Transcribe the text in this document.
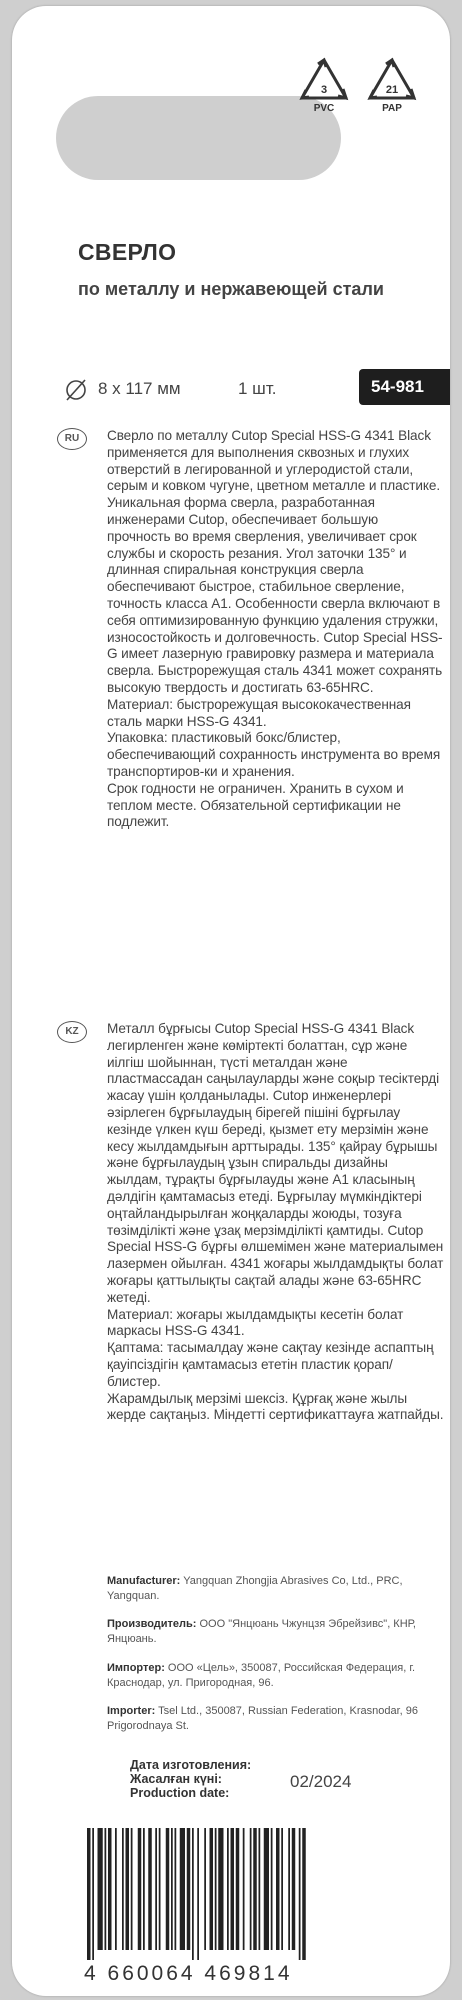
3
PVC
21
PAP
СВЕРЛО
по металлу и нержавеющей стали
8 x 117 мм	1 шт.	54-981
RU	Сверло по металлу Cutop Special HSS-G 4341 Black применяется для выполнения сквозных и глухих отверстий в легированной и углеродистой стали, серым и ковком чугуне, цветном металле и пластике. Уникальная форма сверла, разработанная инженерами Cutop, обеспечивает большую прочность во время сверления, увеличивает срок службы и скорость резания. Угол заточки 135° и длинная спиральная конструкция сверла обеспечивают быстрое, стабильное сверление, точность класса А1. Особенности сверла включают в себя оптимизированную функцию удаления стружки, износостойкость и долговечность. Cutop Special HSS-G имеет лазерную гравировку размера и материала сверла. Быстрорежущая сталь 4341 может сохранять высокую твердость и достигать 63-65HRC.

Материал: быстрорежущая высококачественная сталь марки HSS-G 4341.

Упаковка: пластиковый бокс/блистер, обеспечивающий сохранность инструмента во время транспортиров-ки и хранения.

Срок годности не ограничен. Хранить в сухом и теплом месте. Обязательной сертификации не подлежит.

KZ	Металл бұрғысы Cutop Special HSS-G 4341 Black легирленген және көміртекті болаттан, сұр және иілгіш шойыннан, түсті металдан және пластмассадан саңылауларды және соқыр тесіктерді жасау үшін қолданылады. Cutop инженерлері әзірлеген бұрғылаудың бірегей пішіні бұрғылау кезінде үлкен күш береді, қызмет ету мерзімін және кесу жылдамдығын арттырады. 135° қайрау бұрышы және бұрғылаудың ұзын спиральды дизайны жылдам, тұрақты бұрғылауды және А1 класының дәлдігін қамтамасыз етеді. Бұрғылау мүмкіндіктері оңтайландырылған жоңқаларды жоюды, тозуға төзімділікті және ұзақ мерзімділікті қамтиды. Cutop Special HSS-G бұрғы өлшемімен және материалымен лазермен ойылған. 4341 жоғары жылдамдықты болат жоғары қаттылықты сақтай алады және 63-65HRC жетеді.

Материал: жоғары жылдамдықты кесетін болат маркасы HSS-G 4341.

Қаптама: тасымалдау және сақтау кезінде аспаптың қауіпсіздігін қамтамасыз ететін пластик қорап/блистер.

Жарамдылық мерзімі шексіз. Құрғақ және жылы жерде сақтаңыз. Міндетті сертификаттауға жатпайды.

Manufacturer: Yangquan Zhongjia Abrasives Co, Ltd., PRC, Yangquan.
Производитель: ООО "Янцюань Чжунцзя Эбрейзивс", КНР, Янцюань.
Импортер: ООО «Цель», 350087, Российская Федерация, г. Краснодар, ул. Пригородная, 96.
Importer: Tsel Ltd., 350087, Russian Federation, Krasnodar, 96 Prigorodnaya St.
Дата изготовления:
Жасалған күні:
Production date:
02/2024
4 660064 469814
